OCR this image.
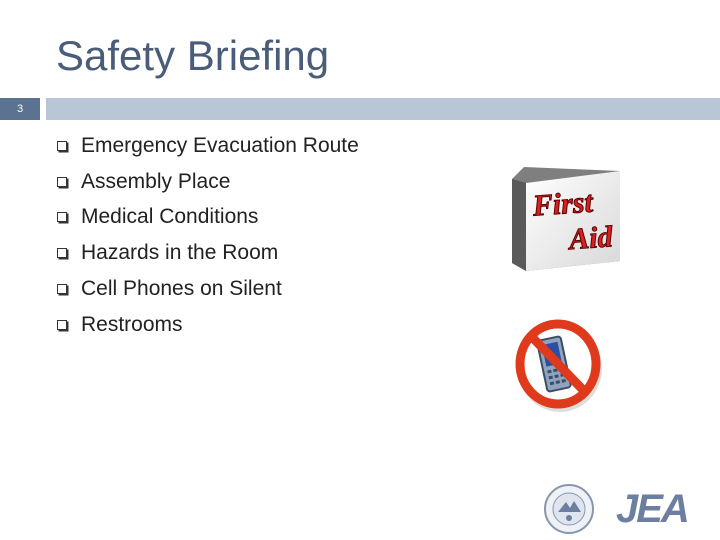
Safety Briefing
3
Emergency Evacuation Route
Assembly Place
Medical Conditions
Hazards in the Room
Cell Phones on Silent
Restrooms
First
Aid
JEA
